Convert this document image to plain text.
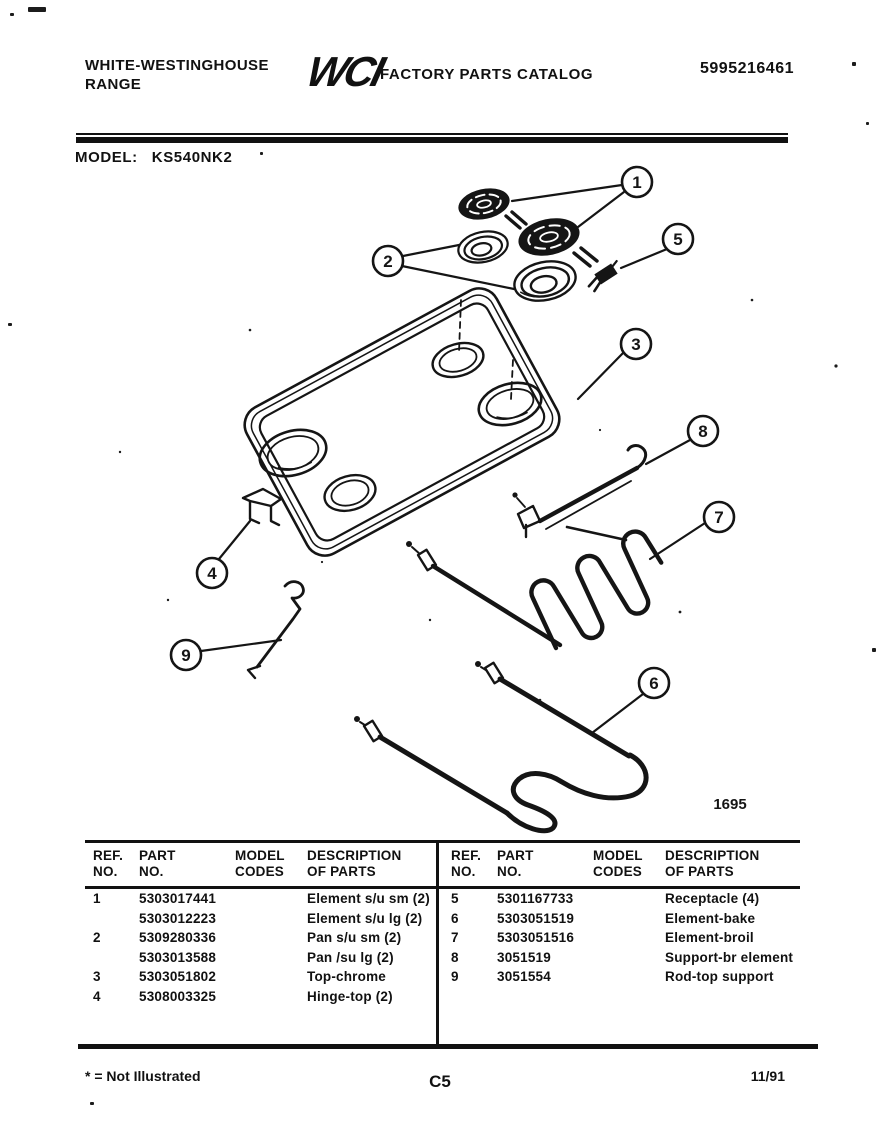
WHITE-WESTINGHOUSE
RANGE	WCI
FACTORY PARTS CATALOG	5995216461
MODEL: KS540NK2
1
2
5
3
8
7
4
9
6
1695
REF.
NO.
PART
NO.
MODEL
CODES
DESCRIPTION
OF PARTS
1	5303017441	Element s/u sm (2)
5303012223	Element s/u lg (2)
2	5309280336	Pan s/u sm (2)
5303013588	Pan /su lg (2)
3	5303051802	Top-chrome
4	5308003325	Hinge-top (2)
REF.
NO.
PART
NO.
MODEL
CODES
DESCRIPTION
OF PARTS
5	5301167733	Receptacle (4)
6	5303051519	Element-bake
7	5303051516	Element-broil
8	3051519	Support-br element
9	3051554	Rod-top support
* = Not Illustrated	C5	11/91
